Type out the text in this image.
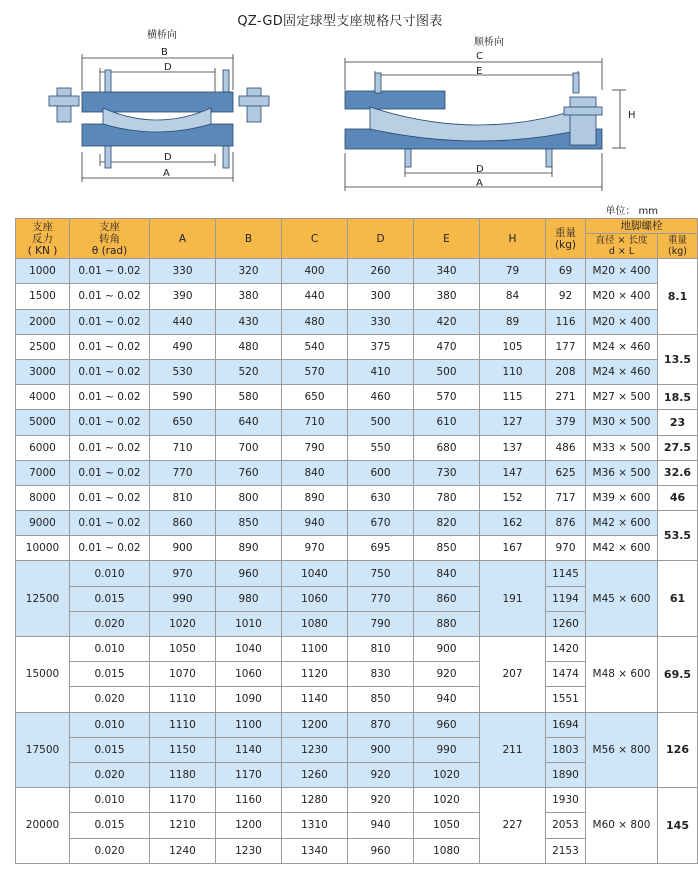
QZ-GD固定球型支座规格尺寸图表
横桥向
B
D
D
A
顺桥向
C
E
D
A
H
单位： mm
支座
反力
( KN )	支座
转角
θ (rad)	A	B	C	D	E	H	重量
(kg)	地脚螺栓	
									直径 × 长度
d × L	重量
(kg)
1000	0.01 ~ 0.02	330	320	400	260	340	79	69	M20 × 400	8.1
1500	0.01 ~ 0.02	390	380	440	300	380	84	92	M20 × 400	
2000	0.01 ~ 0.02	440	430	480	330	420	89	116	M20 × 400	
2500	0.01 ~ 0.02	490	480	540	375	470	105	177	M24 × 460	13.5
3000	0.01 ~ 0.02	530	520	570	410	500	110	208	M24 × 460	
4000	0.01 ~ 0.02	590	580	650	460	570	115	271	M27 × 500	18.5
5000	0.01 ~ 0.02	650	640	710	500	610	127	379	M30 × 500	23
6000	0.01 ~ 0.02	710	700	790	550	680	137	486	M33 × 500	27.5
7000	0.01 ~ 0.02	770	760	840	600	730	147	625	M36 × 500	32.6
8000	0.01 ~ 0.02	810	800	890	630	780	152	717	M39 × 600	46
9000	0.01 ~ 0.02	860	850	940	670	820	162	876	M42 × 600	53.5
10000	0.01 ~ 0.02	900	890	970	695	850	167	970	M42 × 600	
12500	0.010	970	960	1040	750	840	191	1145	M45 × 600	61
	0.015	990	980	1060	770	860		1194		
	0.020	1020	1010	1080	790	880		1260		
15000	0.010	1050	1040	1100	810	900	207	1420	M48 × 600	69.5
	0.015	1070	1060	1120	830	920		1474		
	0.020	1110	1090	1140	850	940		1551		
17500	0.010	1110	1100	1200	870	960	211	1694	M56 × 800	126
	0.015	1150	1140	1230	900	990		1803		
	0.020	1180	1170	1260	920	1020		1890		
20000	0.010	1170	1160	1280	920	1020	227	1930	M60 × 800	145
	0.015	1210	1200	1310	940	1050		2053		
	0.020	1240	1230	1340	960	1080		2153		
